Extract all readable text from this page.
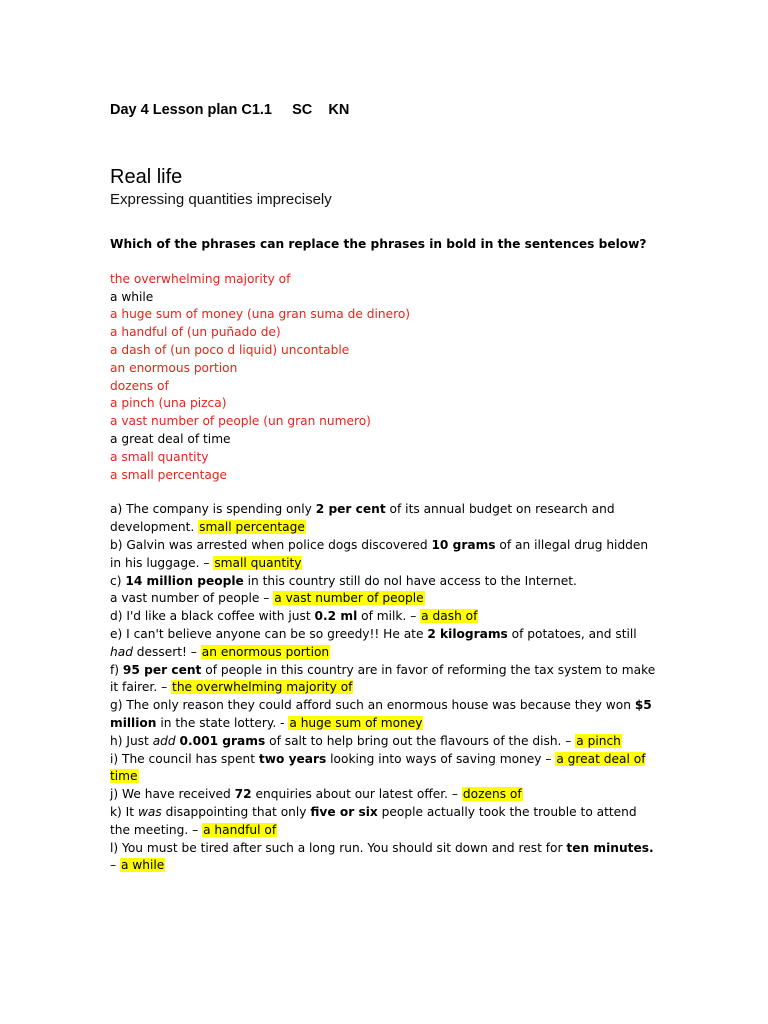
Day 4 Lesson plan C1.1     SC    KN
Real life
Expressing quantities imprecisely

Which of the phrases can replace the phrases in bold in the sentences below?

the overwhelming majority of
a while
a huge sum of money (una gran suma de dinero)
a handful of (un puñado de)
a dash of (un poco d liquid) uncontable
an enormous portion
dozens of
a pinch (una pizca)
a vast number of people (un gran numero)
a great deal of time
a small quantity
a small percentage

a) The company is spending only 2 per cent of its annual budget on research and development. small percentage

b) Galvin was arrested when police dogs discovered 10 grams of an illegal drug hidden in his luggage. – small quantity

c) 14 million people in this country still do nol have access to the Internet.
a vast number of people – a vast number of people

d) I'd like a black coffee with just 0.2 ml of milk. – a dash of

e) I can't believe anyone can be so greedy!! He ate 2 kilograms of potatoes, and still had dessert! – an enormous portion

f) 95 per cent of people in this country are in favor of reforming the tax system to make it fairer. – the overwhelming majority of

g) The only reason they could afford such an enormous house was because they won $5 million in the state lottery. - a huge sum of money

h) Just add 0.001 grams of salt to help bring out the flavours of the dish. – a pinch

i) The council has spent two years looking into ways of saving money – a great deal of time

j) We have received 72 enquiries about our latest offer. – dozens of

k) It was disappointing that only five or six people actually took the trouble to attend the meeting. – a handful of

l) You must be tired after such a long run. You should sit down and rest for ten minutes. – a while
